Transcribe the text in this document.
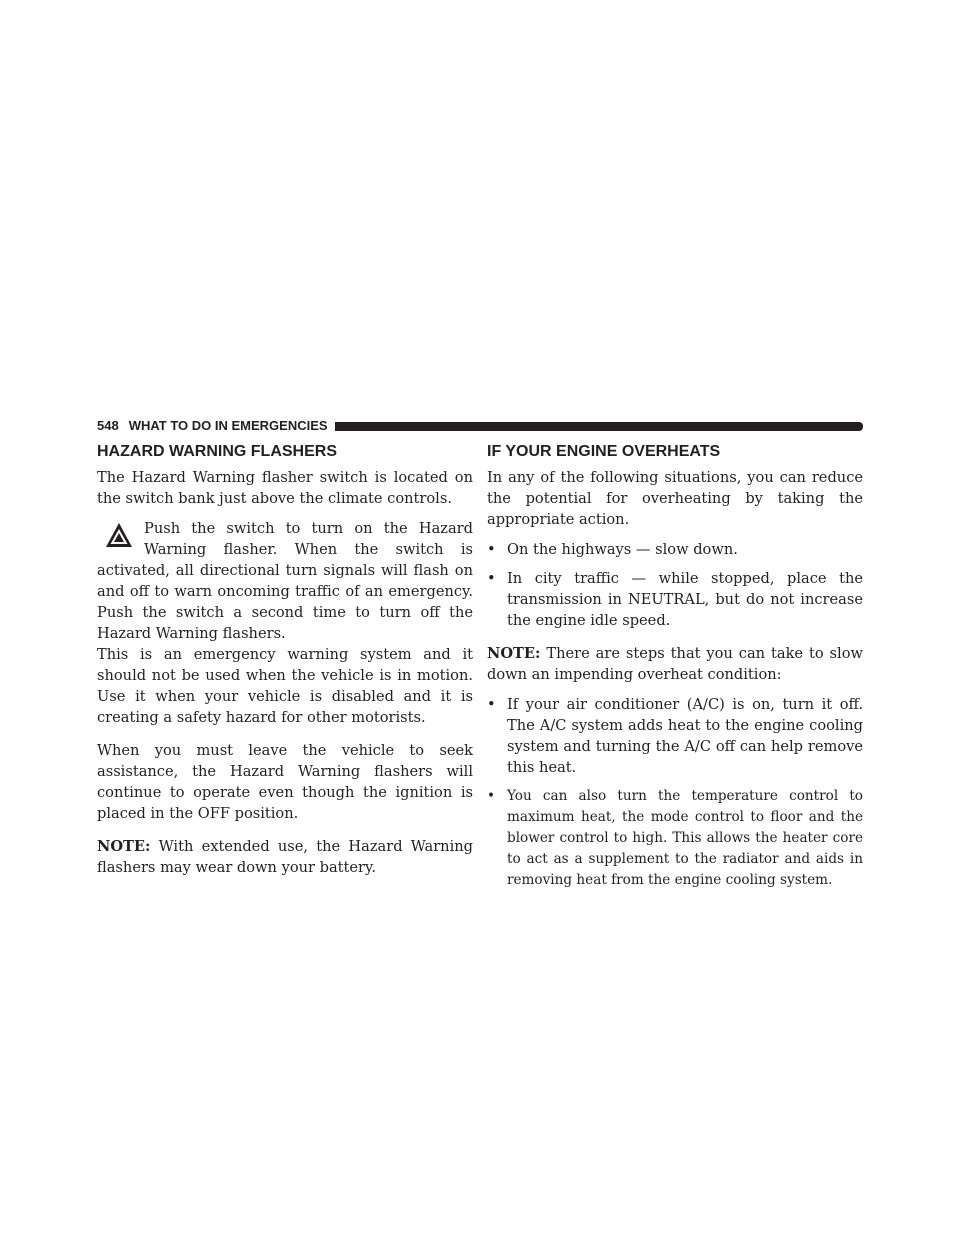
548 WHAT TO DO IN EMERGENCIES
HAZARD WARNING FLASHERS

The Hazard Warning flasher switch is located on the switch bank just above the climate controls.

Push the switch to turn on the Hazard Warning flasher. When the switch is activated, all directional turn signals will flash on and off to warn oncoming traffic of an emergency. Push the switch a second time to turn off the Hazard Warning flashers.

This is an emergency warning system and it should not be used when the vehicle is in motion. Use it when your vehicle is disabled and it is creating a safety hazard for other motorists.

When you must leave the vehicle to seek assistance, the Hazard Warning flashers will continue to operate even though the ignition is placed in the OFF position.

NOTE: With extended use, the Hazard Warning flashers may wear down your battery.

IF YOUR ENGINE OVERHEATS

In any of the following situations, you can reduce the potential for overheating by taking the appropriate action.

• On the highways — slow down.
• In city traffic — while stopped, place the transmission in NEUTRAL, but do not increase the engine idle speed.

NOTE: There are steps that you can take to slow down an impending overheat condition:

• If your air conditioner (A/C) is on, turn it off. The A/C system adds heat to the engine cooling system and turning the A/C off can help remove this heat.
• You can also turn the temperature control to maximum heat, the mode control to floor and the blower control to high. This allows the heater core to act as a supplement to the radiator and aids in removing heat from the engine cooling system.
